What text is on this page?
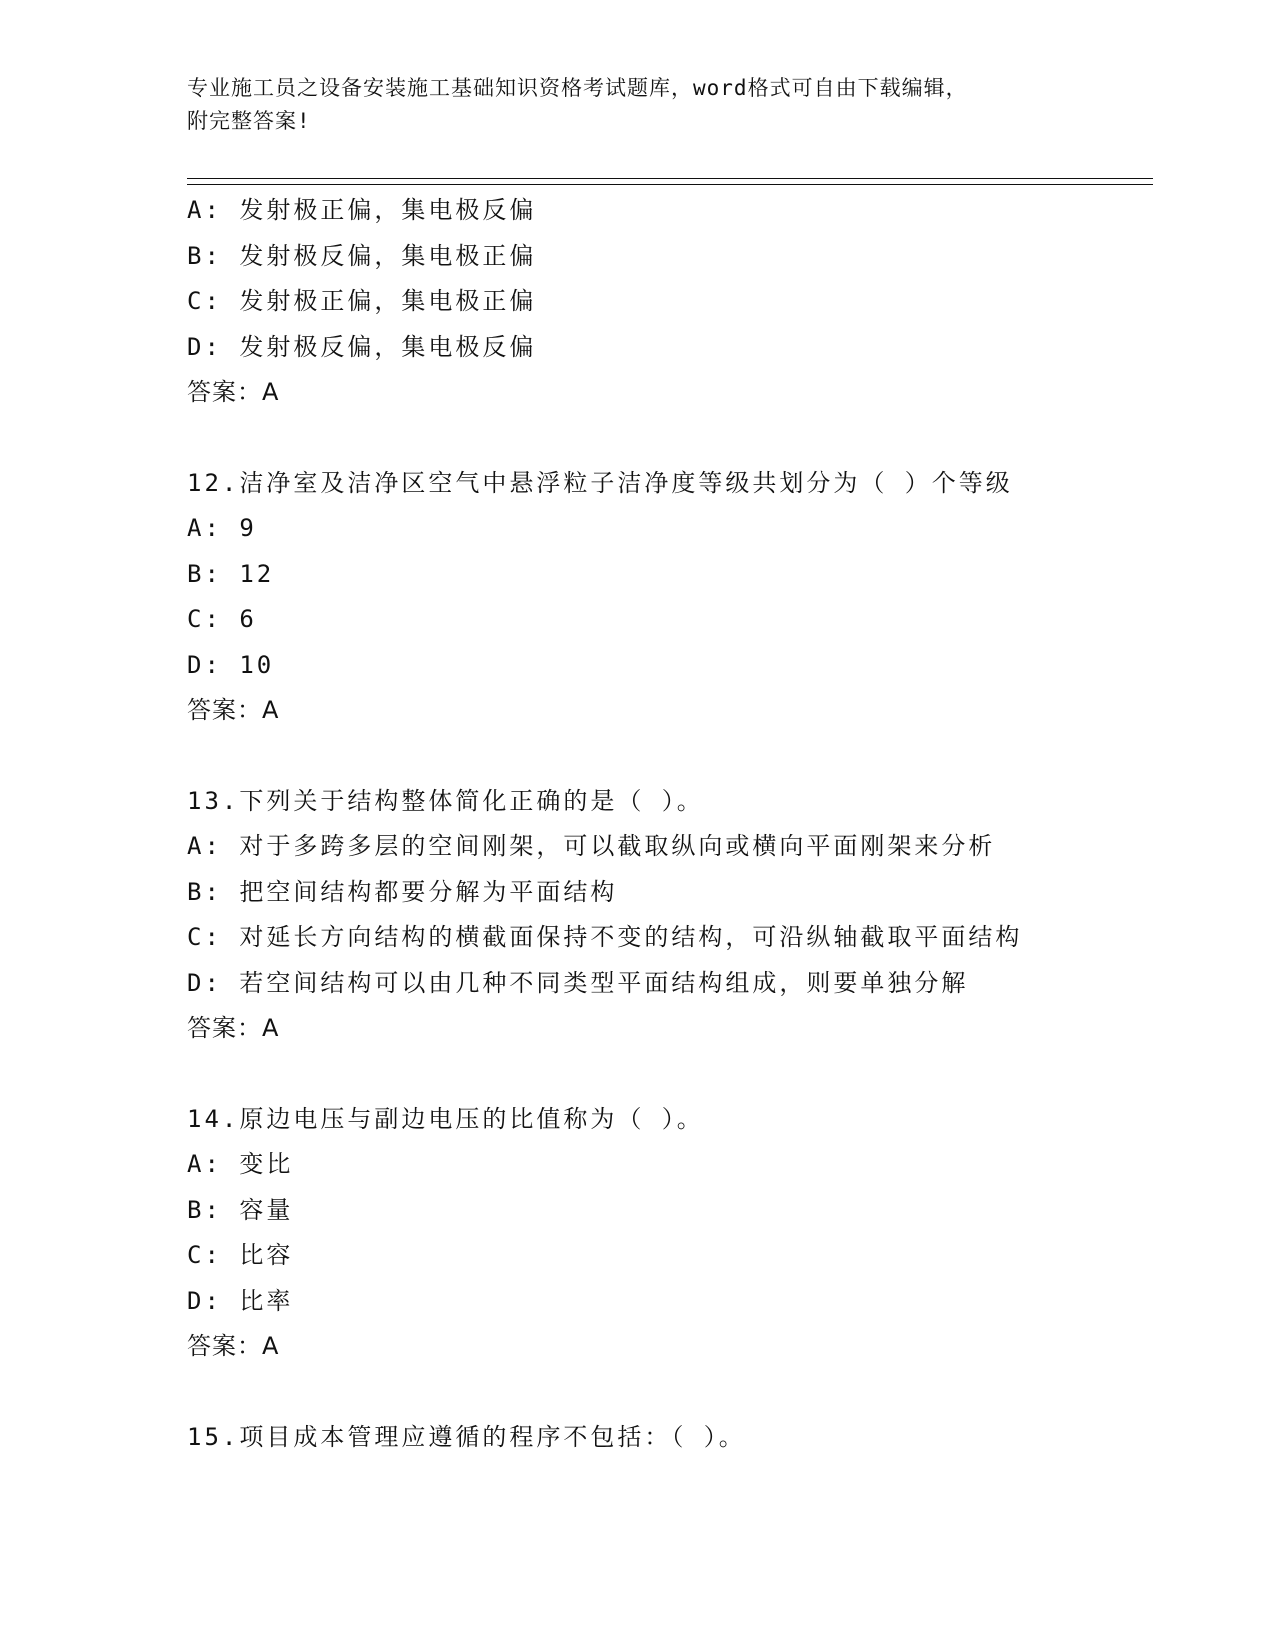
专业施工员之设备安装施工基础知识资格考试题库，word格式可自由下载编辑，
附完整答案!
A: 发射极正偏，集电极反偏
B: 发射极反偏，集电极正偏
C: 发射极正偏，集电极正偏
D: 发射极反偏，集电极反偏
答案：A
12.洁净室及洁净区空气中悬浮粒子洁净度等级共划分为（ ）个等级
A: 9
B: 12
C: 6
D: 10
答案：A
13.下列关于结构整体简化正确的是（ ）。
A: 对于多跨多层的空间刚架，可以截取纵向或横向平面刚架来分析
B: 把空间结构都要分解为平面结构
C: 对延长方向结构的横截面保持不变的结构，可沿纵轴截取平面结构
D: 若空间结构可以由几种不同类型平面结构组成，则要单独分解
答案：A
14.原边电压与副边电压的比值称为（ ）。
A: 变比
B: 容量
C: 比容
D: 比率
答案：A
15.项目成本管理应遵循的程序不包括：（ ）。
